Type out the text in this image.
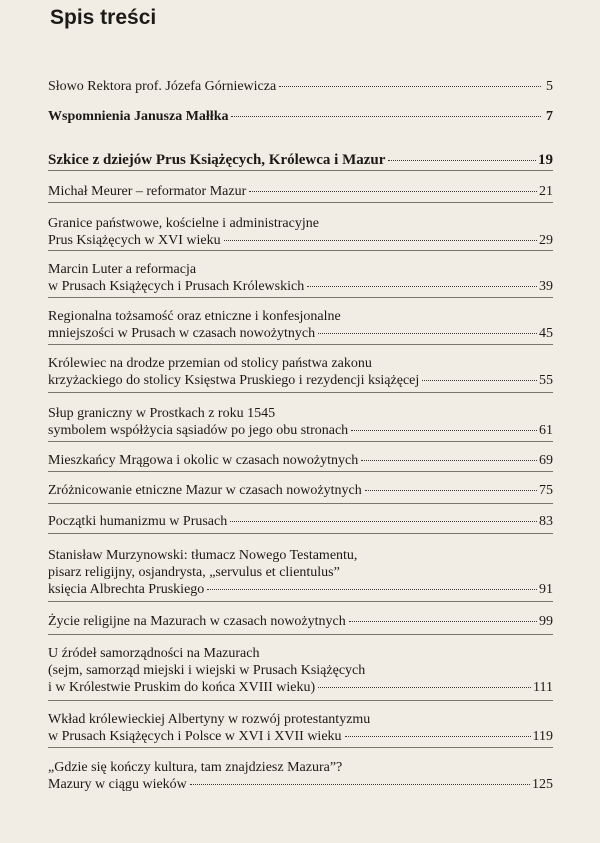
Spis treści
Słowo Rektora prof. Józefa Górniewicza	5
Wspomnienia Janusza Małłka	7
Szkice z dziejów Prus Książęcych, Królewca i Mazur	19
Michał Meurer – reformator Mazur	21
Granice państwowe, kościelne i administracyjne
Prus Książęcych w XVI wieku	29
Marcin Luter a reformacja
w Prusach Książęcych i Prusach Królewskich	39
Regionalna tożsamość oraz etniczne i konfesjonalne
mniejszości w Prusach w czasach nowożytnych	45
Królewiec na drodze przemian od stolicy państwa zakonu
krzyżackiego do stolicy Księstwa Pruskiego i rezydencji książęcej	55
Słup graniczny w Prostkach z roku 1545
symbolem współżycia sąsiadów po jego obu stronach	61
Mieszkańcy Mrągowa i okolic w czasach nowożytnych	69
Zróżnicowanie etniczne Mazur w czasach nowożytnych	75
Początki humanizmu w Prusach	83
Stanisław Murzynowski: tłumacz Nowego Testamentu,
pisarz religijny, osjandrysta, „servulus et clientulus”
księcia Albrechta Pruskiego	91
Życie religijne na Mazurach w czasach nowożytnych	99
U źródeł samorządności na Mazurach
(sejm, samorząd miejski i wiejski w Prusach Książęcych
i w Królestwie Pruskim do końca XVIII wieku)	111
Wkład królewieckiej Albertyny w rozwój protestantyzmu
w Prusach Książęcych i Polsce w XVI i XVII wieku	119
„Gdzie się kończy kultura, tam znajdziesz Mazura”?
Mazury w ciągu wieków	125
